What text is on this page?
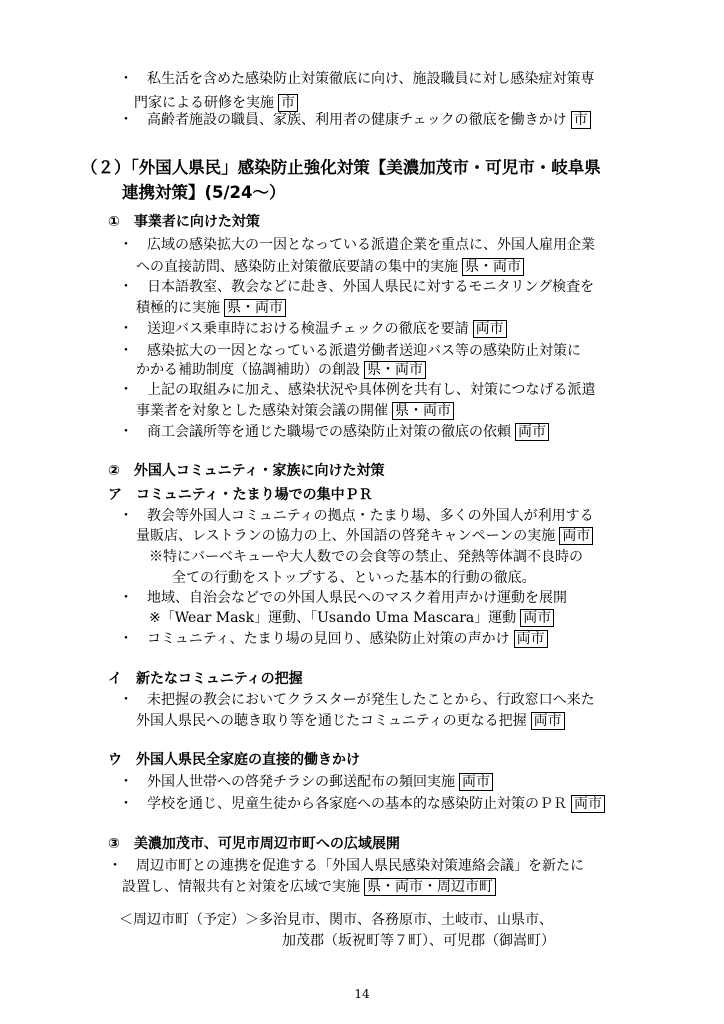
・　私生活を含めた感染防止対策徹底に向け、施設職員に対し感染症対策専
門家による研修を実施 市
・　高齢者施設の職員、家族、利用者の健康チェックの徹底を働きかけ 市
（２）「外国人県民」感染防止強化対策【美濃加茂市・可児市・岐阜県
連携対策】(5/24～）
①　事業者に向けた対策
・　広域の感染拡大の一因となっている派遣企業を重点に、外国人雇用企業
への直接訪問、感染防止対策徹底要請の集中的実施 県・両市
・　日本語教室、教会などに赴き、外国人県民に対するモニタリング検査を
積極的に実施 県・両市
・　送迎バス乗車時における検温チェックの徹底を要請 両市
・　感染拡大の一因となっている派遣労働者送迎バス等の感染防止対策に
かかる補助制度（協調補助）の創設 県・両市
・　上記の取組みに加え、感染状況や具体例を共有し、対策につなげる派遣
事業者を対象とした感染対策会議の開催 県・両市
・　商工会議所等を通じた職場での感染防止対策の徹底の依頼 両市
②　外国人コミュニティ・家族に向けた対策
ア　コミュニティ・たまり場での集中ＰＲ
・　教会等外国人コミュニティの拠点・たまり場、多くの外国人が利用する
量販店、レストランの協力の上、外国語の啓発キャンペーンの実施 両市
※特にバーベキューや大人数での会食等の禁止、発熱等体調不良時の
全ての行動をストップする、といった基本的行動の徹底。
・　地域、自治会などでの外国人県民へのマスク着用声かけ運動を展開
※「Wear Mask」運動、「Usando Uma Mascara」運動 両市
・　コミュニティ、たまり場の見回り、感染防止対策の声かけ 両市
イ　新たなコミュニティの把握
・　未把握の教会においてクラスターが発生したことから、行政窓口へ来た
外国人県民への聴き取り等を通じたコミュニティの更なる把握 両市
ウ　外国人県民全家庭の直接的働きかけ
・　外国人世帯への啓発チラシの郵送配布の頻回実施 両市
・　学校を通じ、児童生徒から各家庭への基本的な感染防止対策のＰＲ 両市
③　美濃加茂市、可児市周辺市町への広域展開
・　周辺市町との連携を促進する「外国人県民感染対策連絡会議」を新たに
設置し、情報共有と対策を広域で実施 県・両市・周辺市町
＜周辺市町（予定）＞多治見市、関市、各務原市、土岐市、山県市、
加茂郡（坂祝町等７町）、可児郡（御嵩町）
14
